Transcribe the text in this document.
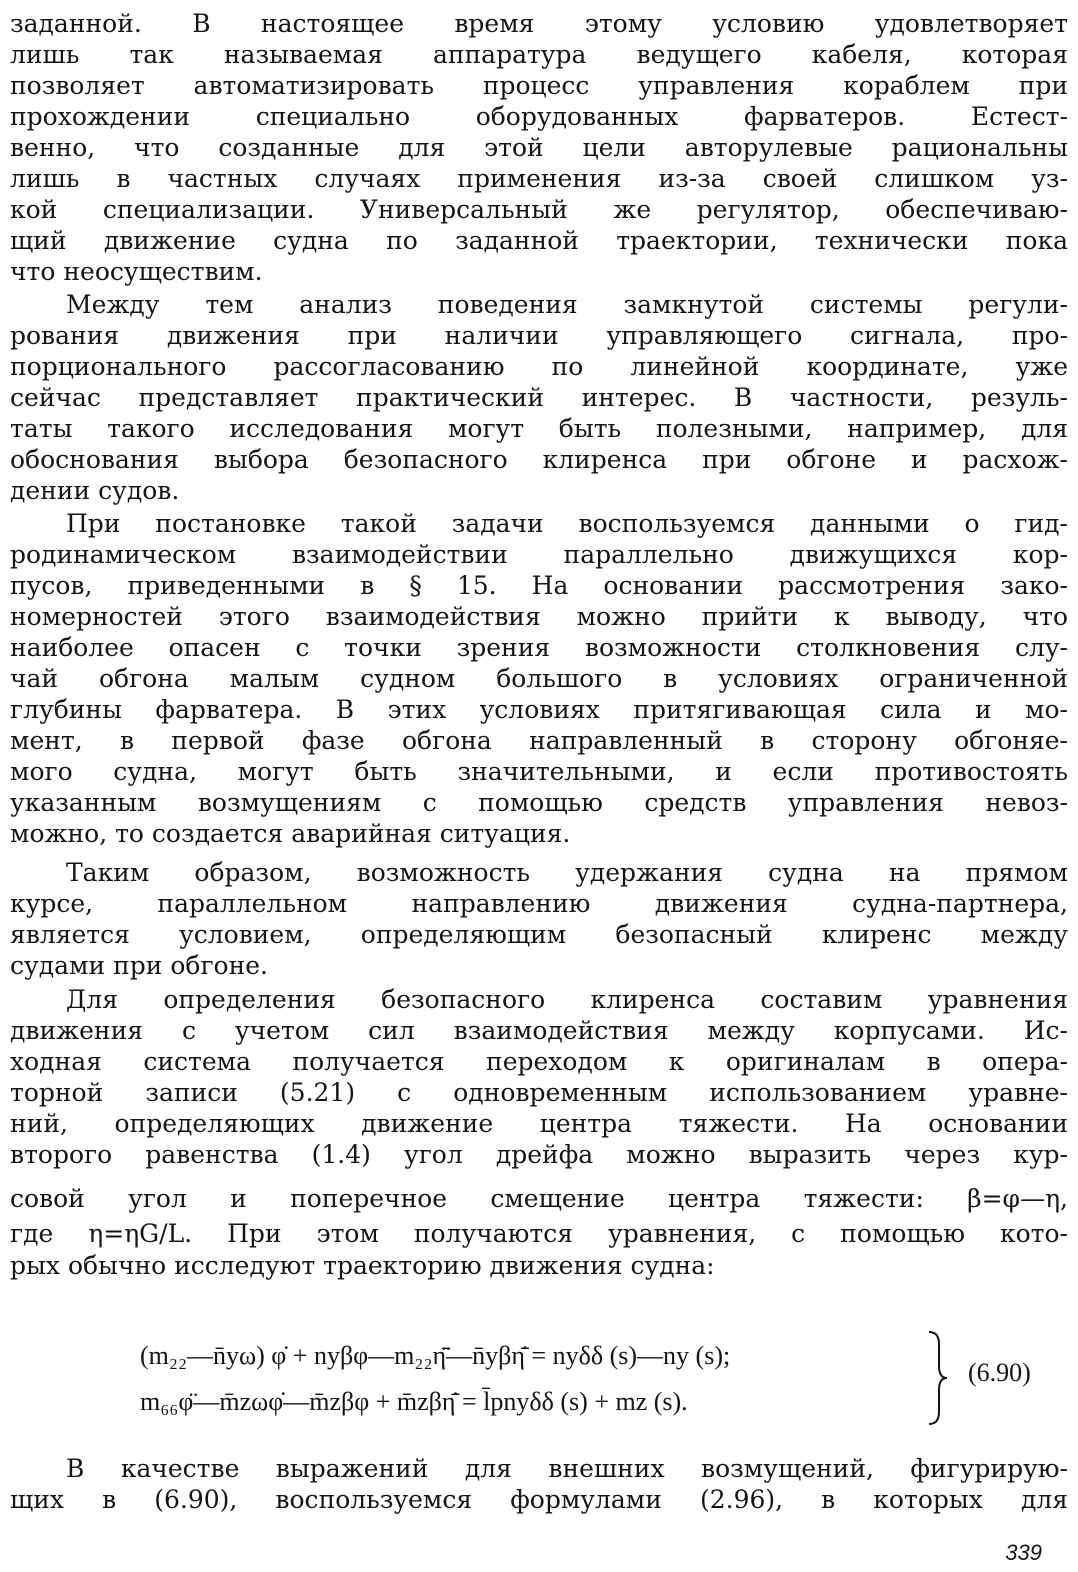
заданной. В настоящее время этому условию удовлетворяет
лишь так называемая аппаратура ведущего кабеля, которая
позволяет автоматизировать процесс управления кораблем при
прохождении специально оборудованных фарватеров. Естест-
венно, что созданные для этой цели авторулевые рациональны
лишь в частных случаях применения из-за своей слишком уз-
кой специализации. Универсальный же регулятор, обеспечиваю-
щий движение судна по заданной траектории, технически пока
что неосуществим.
Между тем анализ поведения замкнутой системы регули-
рования движения при наличии управляющего сигнала, про-
порционального рассогласованию по линейной координате, уже
сейчас представляет практический интерес. В частности, резуль-
таты такого исследования могут быть полезными, например, для
обоснования выбора безопасного клиренса при обгоне и расхож-
дении судов.
При постановке такой задачи воспользуемся данными о гид-
родинамическом взаимодействии параллельно движущихся кор-
пусов, приведенными в § 15. На основании рассмотрения зако-
номерностей этого взаимодействия можно прийти к выводу, что
наиболее опасен с точки зрения возможности столкновения слу-
чай обгона малым судном большого в условиях ограниченной
глубины фарватера. В этих условиях притягивающая сила и мо-
мент, в первой фазе обгона направленный в сторону обгоняе-
мого судна, могут быть значительными, и если противостоять
указанным возмущениям с помощью средств управления невоз-
можно, то создается аварийная ситуация.
Таким образом, возможность удержания судна на прямом
курсе, параллельном направлению движения судна-партнера,
является условием, определяющим безопасный клиренс между
судами при обгоне.
Для определения безопасного клиренса составим уравнения
движения с учетом сил взаимодействия между корпусами. Ис-
ходная система получается переходом к оригиналам в опера-
торной записи (5.21) с одновременным использованием уравне-
ний, определяющих движение центра тяжести. На основании
второго равенства (1.4) угол дрейфа можно выразить через кур-
совой угол и поперечное смещение центра тяжести: β=φ—η,
где η=ηG/L. При этом получаются уравнения, с помощью кото-
рых обычно исследуют траекторию движения судна:
В качестве выражений для внешних возмущений, фигурирую-
щих в (6.90), воспользуемся формулами (2.96), в которых для
(m₂₂—n̄yω) φ̇ + nyβφ—m₂₂η̈̄—n̄yβη̇̄ = nyδδ (s)—ny (s);
m₆₆φ̈—m̄zωφ̇—m̄zβφ + m̄zβη̇̄ = l̄pnyδδ (s) + mz (s).
(6.90)
339
